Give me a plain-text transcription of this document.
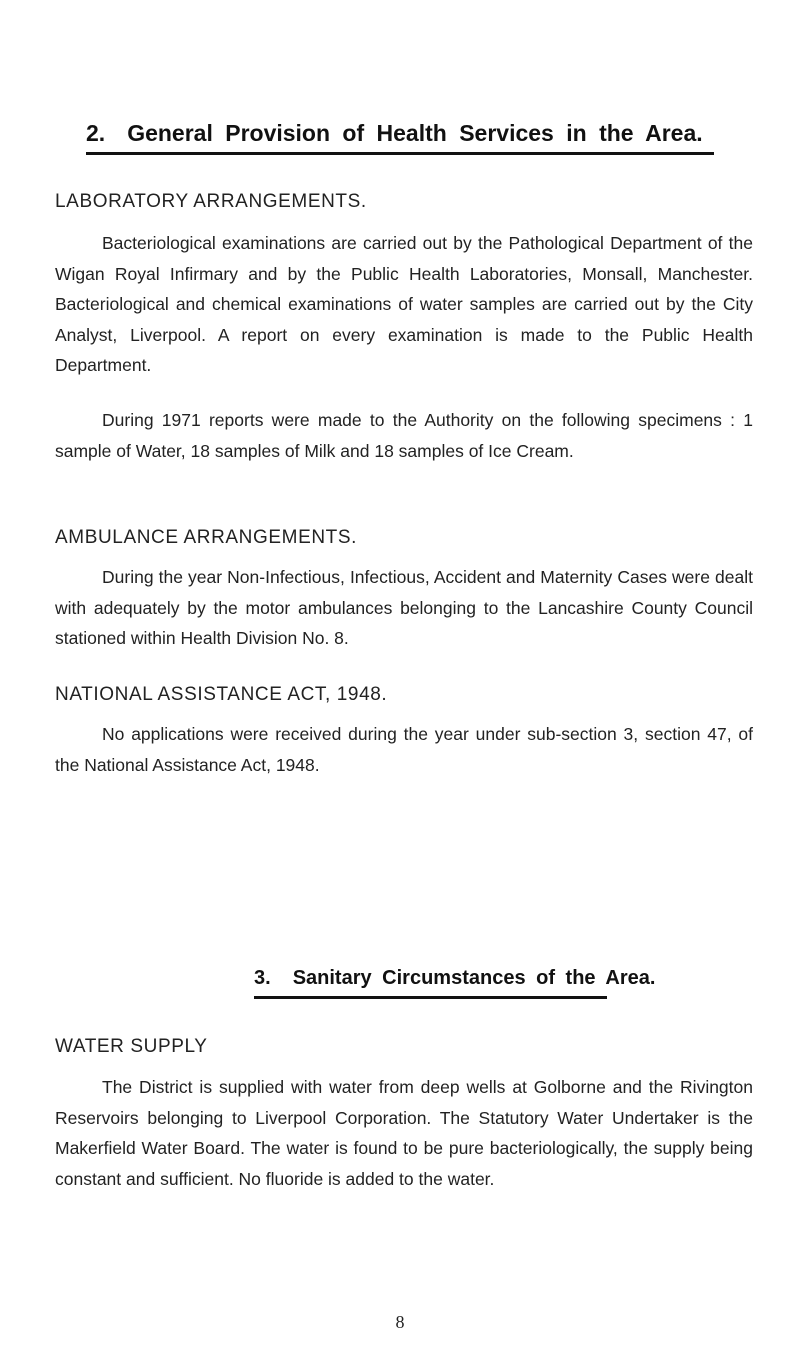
2. General Provision of Health Services in the Area.
LABORATORY ARRANGEMENTS.

Bacteriological examinations are carried out by the Pathological Department of the Wigan Royal Infirmary and by the Public Health Laboratories, Monsall, Manchester. Bacteriological and chemical examinations of water samples are carried out by the City Analyst, Liverpool. A report on every examination is made to the Public Health Department.

During 1971 reports were made to the Authority on the following specimens : 1 sample of Water, 18 samples of Milk and 18 samples of Ice Cream.

AMBULANCE ARRANGEMENTS.

During the year Non-Infectious, Infectious, Accident and Maternity Cases were dealt with adequately by the motor ambulances belonging to the Lancashire County Council stationed within Health Division No. 8.

NATIONAL ASSISTANCE ACT, 1948.

No applications were received during the year under sub-section 3, section 47, of the National Assistance Act, 1948.

3. Sanitary Circumstances of the Area.
WATER SUPPLY

The District is supplied with water from deep wells at Golborne and the Rivington Reservoirs belonging to Liverpool Corporation. The Statutory Water Undertaker is the Makerfield Water Board. The water is found to be pure bacteriologically, the supply being constant and sufficient. No fluoride is added to the water.

8
